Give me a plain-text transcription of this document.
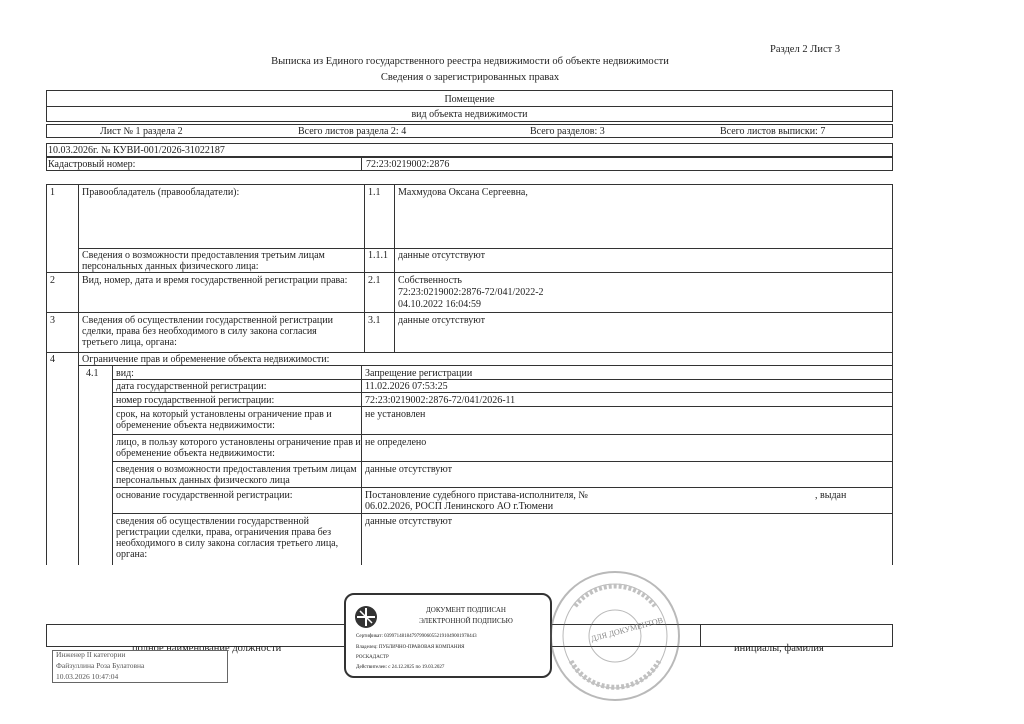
Раздел 2 Лист 3
Выписка из Единого государственного реестра недвижимости об объекте недвижимости
Сведения о зарегистрированных правах
Помещение
вид объекта недвижимости
Лист № 1 раздела 2	Всего листов раздела 2: 4	Всего разделов: 3	Всего листов выписки: 7
10.03.2026г. № КУВИ-001/2026-31022187
Кадастровый номер:	72:23:0219002:2876
1	Правообладатель (правообладатели):	1.1 Махмудова Оксана Сергеевна,
Сведения о возможности предоставления третьим лицам персональных данных физического лица:
1.1.1 данные отсутствуют
2	Вид, номер, дата и время государственной регистрации права:	2.1 Собственность
72:23:0219002:2876-72/041/2022-2
04.10.2022 16:04:59
3	Сведения об осуществлении государственной регистрации сделки, права без необходимого в силу закона согласия третьего лица, органа:
3.1 данные отсутствуют
4	Ограничение прав и обременение объекта недвижимости:
4.1 вид:	Запрещение регистрации
дата государственной регистрации:	11.02.2026 07:53:25
номер государственной регистрации:	72:23:0219002:2876-72/041/2026-11
срок, на который установлены ограничение прав и обременение объекта недвижимости:
не установлен
лицо, в пользу которого установлены ограничение прав и обременение объекта недвижимости:
не определено
сведения о возможности предоставления третьим лицам персональных данных физического лица
данные отсутствуют
основание государственной регистрации:	Постановление судебного пристава-исполнителя, №	, выдан
06.02.2026, РОСП Ленинского АО г.Тюмени
сведения об осуществлении государственной регистрации сделки, права, ограничения права без необходимого в силу закона согласия третьего лица, органа:
данные отсутствуют
полное наименование должности	инициалы, фамилия
Инженер II категории
Файзуллина Роза Булатовна
10.03.2026 10:47:04
ДОКУМЕНТ ПОДПИСАН
ЭЛЕКТРОННОЙ ПОДПИСЬЮ
Сертификат: 0399714818479799060552191049001978443
Владелец: ПУБЛИЧНО-ПРАВОВАЯ КОМПАНИЯ
РОСКАДАСТР
Действителен: с 24.12.2025 по 19.03.2027
ДЛЯ ДОКУМЕНТОВ
